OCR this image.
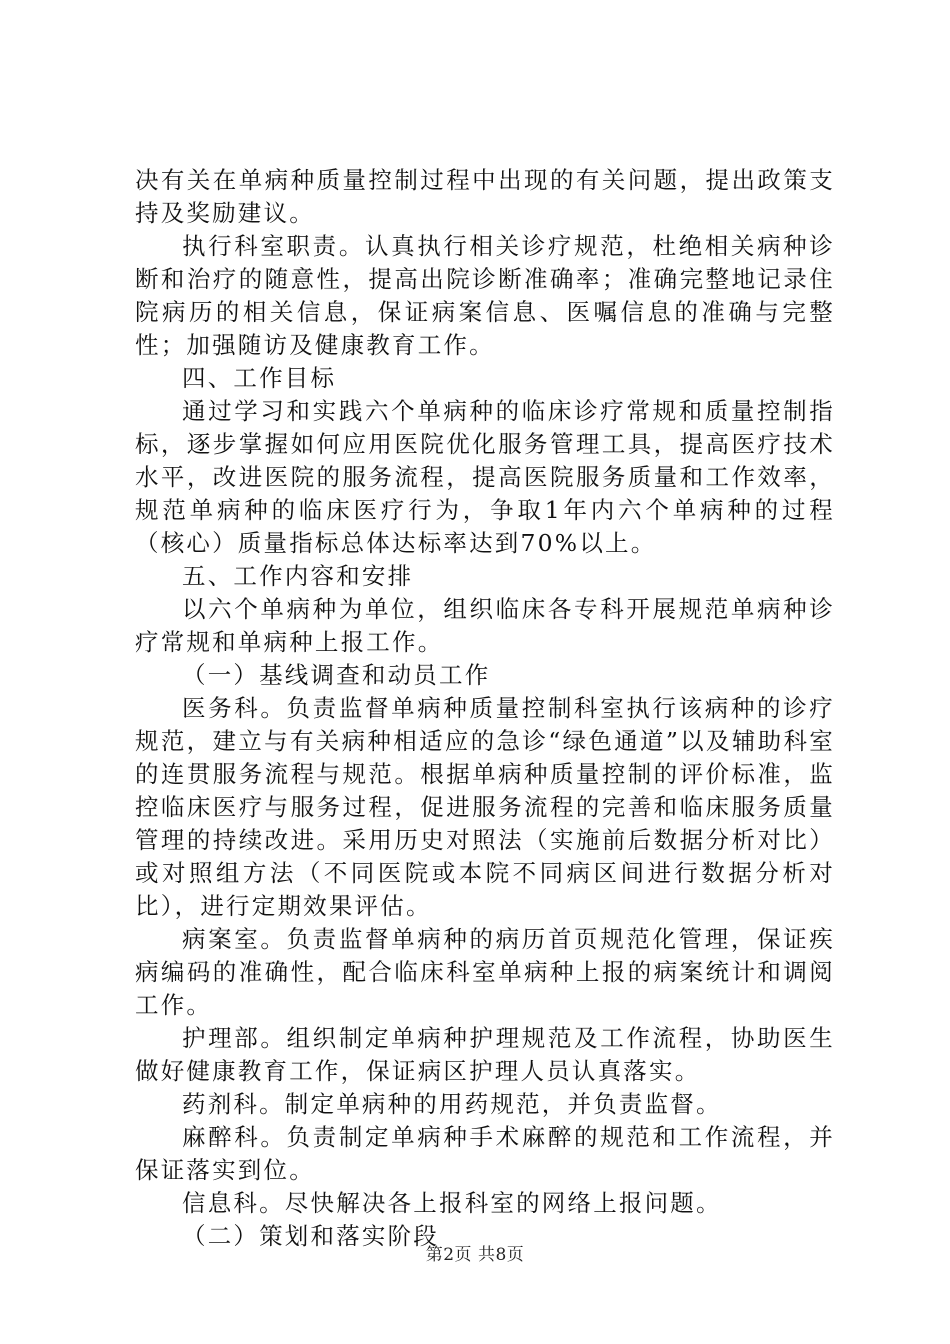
决有关在单病种质量控制过程中出现的有关问题，提出政策支持及奖励建议。

执行科室职责。认真执行相关诊疗规范，杜绝相关病种诊断和治疗的随意性，提高出院诊断准确率；准确完整地记录住院病历的相关信息，保证病案信息、医嘱信息的准确与完整性；加强随访及健康教育工作。

四、工作目标

通过学习和实践六个单病种的临床诊疗常规和质量控制指标，逐步掌握如何应用医院优化服务管理工具，提高医疗技术水平，改进医院的服务流程，提高医院服务质量和工作效率，规范单病种的临床医疗行为，争取1年内六个单病种的过程（核心）质量指标总体达标率达到70%以上。

五、工作内容和安排

以六个单病种为单位，组织临床各专科开展规范单病种诊疗常规和单病种上报工作。

（一）基线调查和动员工作

医务科。负责监督单病种质量控制科室执行该病种的诊疗规范，建立与有关病种相适应的急诊“绿色通道”以及辅助科室的连贯服务流程与规范。根据单病种质量控制的评价标准，监控临床医疗与服务过程，促进服务流程的完善和临床服务质量管理的持续改进。采用历史对照法（实施前后数据分析对比）或对照组方法（不同医院或本院不同病区间进行数据分析对比），进行定期效果评估。

病案室。负责监督单病种的病历首页规范化管理，保证疾病编码的准确性，配合临床科室单病种上报的病案统计和调阅工作。

护理部。组织制定单病种护理规范及工作流程，协助医生做好健康教育工作，保证病区护理人员认真落实。

药剂科。制定单病种的用药规范，并负责监督。

麻醉科。负责制定单病种手术麻醉的规范和工作流程，并保证落实到位。

信息科。尽快解决各上报科室的网络上报问题。

（二）策划和落实阶段

第2页 共8页
